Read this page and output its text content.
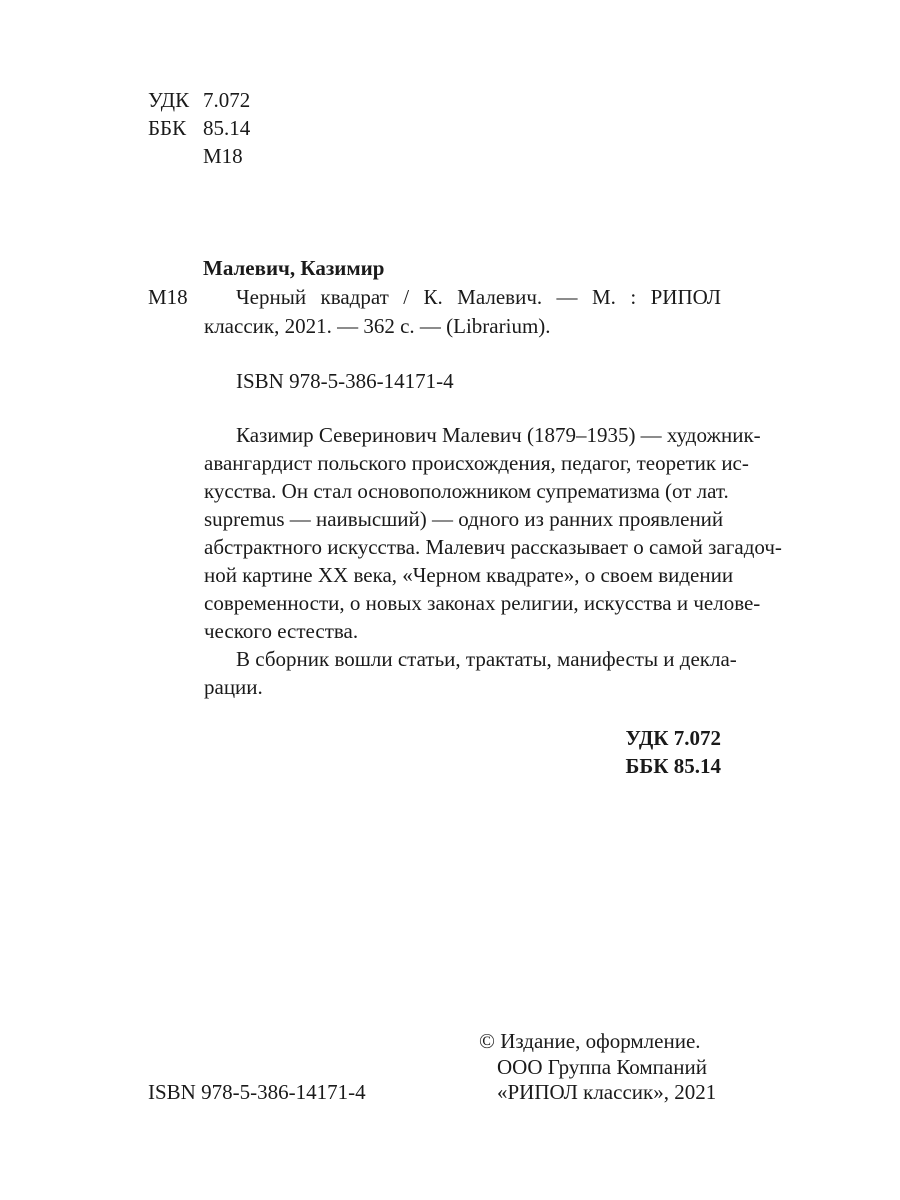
УДК 7.072
ББК 85.14
М18
Малевич, Казимир
М18 Черный квадрат / К. Малевич. — М. : РИПОЛ
классик, 2021. — 362 с. — (Librarium).
ISBN 978-5-386-14171-4
Казимир Северинович Малевич (1879–1935) — художник-
авангардист польского происхождения, педагог, теоретик ис-
кусства. Он стал основоположником супрематизма (от лат.
supremus — наивысший) — одного из ранних проявлений
абстрактного искусства. Малевич рассказывает о самой загадоч-
ной картине XX века, «Черном квадрате», о своем видении
современности, о новых законах религии, искусства и челове-
ческого естества.
В сборник вошли статьи, трактаты, манифесты и декла-
рации.
УДК 7.072
ББК 85.14
ISBN 978-5-386-14171-4
© Издание, оформление.
ООО Группа Компаний
«РИПОЛ классик», 2021
